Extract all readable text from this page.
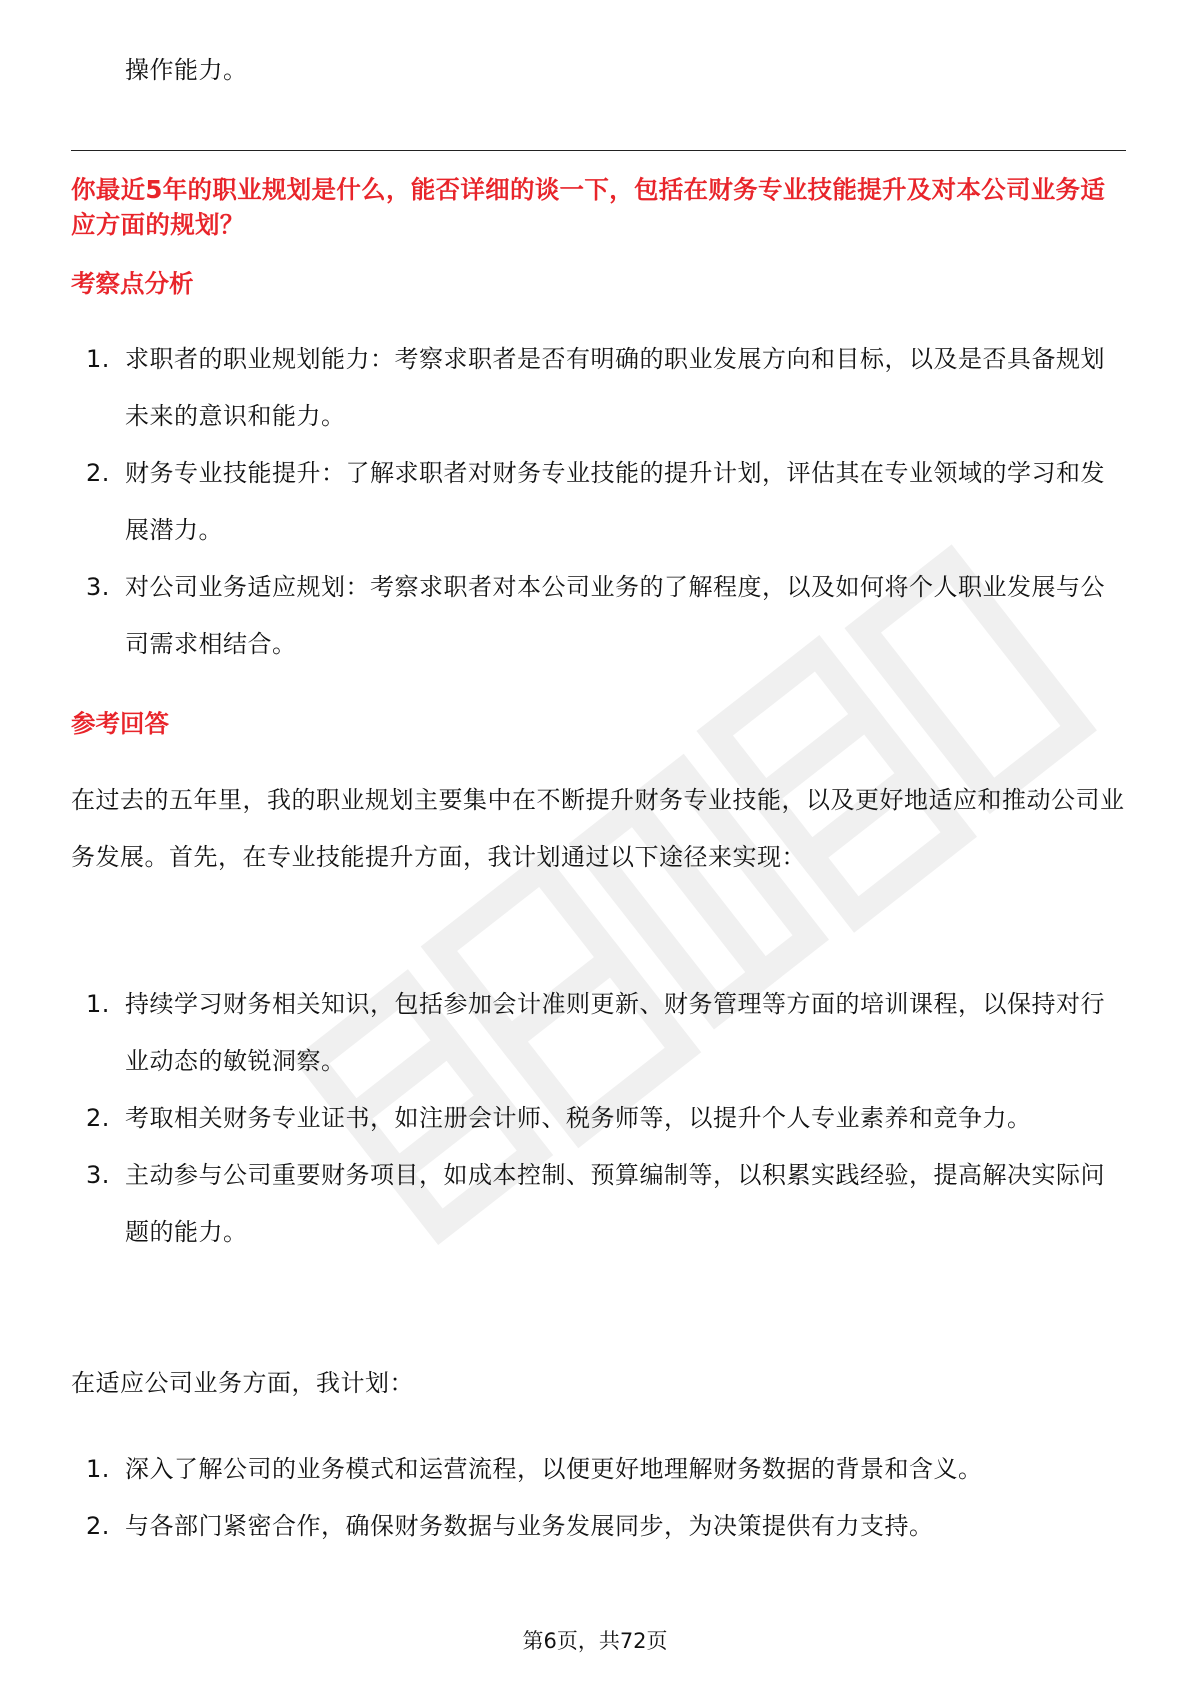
操作能力。
你最近5年的职业规划是什么，能否详细的谈一下，包括在财务专业技能提升及对本公司业务适应方面的规划？
考察点分析
1. 求职者的职业规划能力：考察求职者是否有明确的职业发展方向和目标，以及是否具备规划未来的意识和能力。
2. 财务专业技能提升：了解求职者对财务专业技能的提升计划，评估其在专业领域的学习和发展潜力。
3. 对公司业务适应规划：考察求职者对本公司业务的了解程度，以及如何将个人职业发展与公司需求相结合。
参考回答
在过去的五年里，我的职业规划主要集中在不断提升财务专业技能，以及更好地适应和推动公司业务发展。首先，在专业技能提升方面，我计划通过以下途径来实现：
1. 持续学习财务相关知识，包括参加会计准则更新、财务管理等方面的培训课程，以保持对行业动态的敏锐洞察。
2. 考取相关财务专业证书，如注册会计师、税务师等，以提升个人专业素养和竞争力。
3. 主动参与公司重要财务项目，如成本控制、预算编制等，以积累实践经验，提高解决实际问题的能力。
在适应公司业务方面，我计划：
1. 深入了解公司的业务模式和运营流程，以便更好地理解财务数据的背景和含义。
2. 与各部门紧密合作，确保财务数据与业务发展同步，为决策提供有力支持。
第6页，共72页
